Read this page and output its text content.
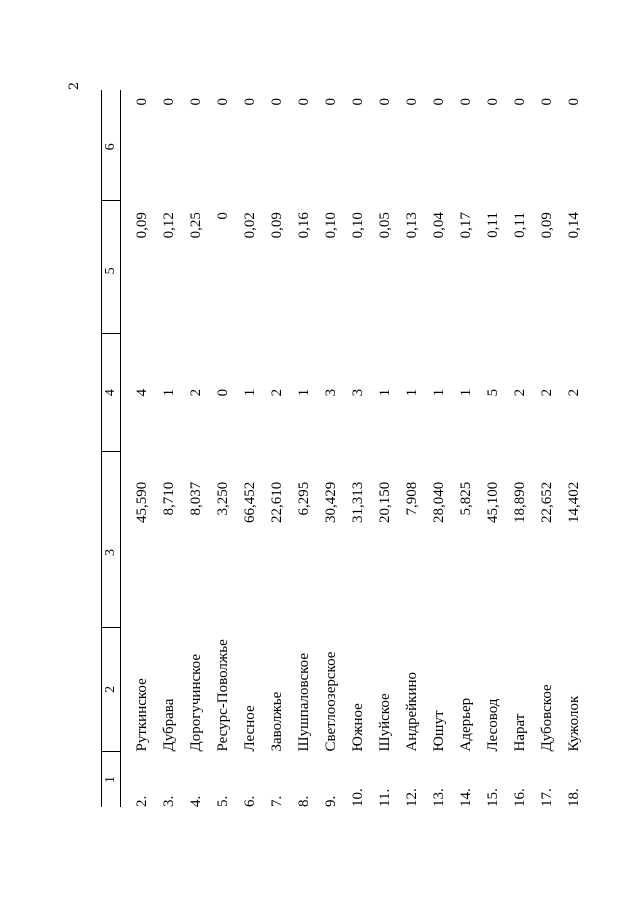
2
1	2	3	4	5	6
2.	Руткинское	45,590	4	0,09	0
3.	Дубрава	8,710	1	0,12	0
4.	Дорогучинское	8,037	2	0,25	0
5.	Ресурс-Поволжье	3,250	0	0	0
6.	Лесное	66,452	1	0,02	0
7.	Заволжье	22,610	2	0,09	0
8.	Шушпаловское	6,295	1	0,16	0
9.	Светлоозерское	30,429	3	0,10	0
10.	Южное	31,313	3	0,10	0
11.	Шуйское	20,150	1	0,05	0
12.	Андрейкино	7,908	1	0,13	0
13.	Юшут	28,040	1	0,04	0
14.	Адерьер	5,825	1	0,17	0
15.	Лесовод	45,100	5	0,11	0
16.	Нарат	18,890	2	0,11	0
17.	Дубовское	22,652	2	0,09	0
18.	Кужолок	14,402	2	0,14	0
